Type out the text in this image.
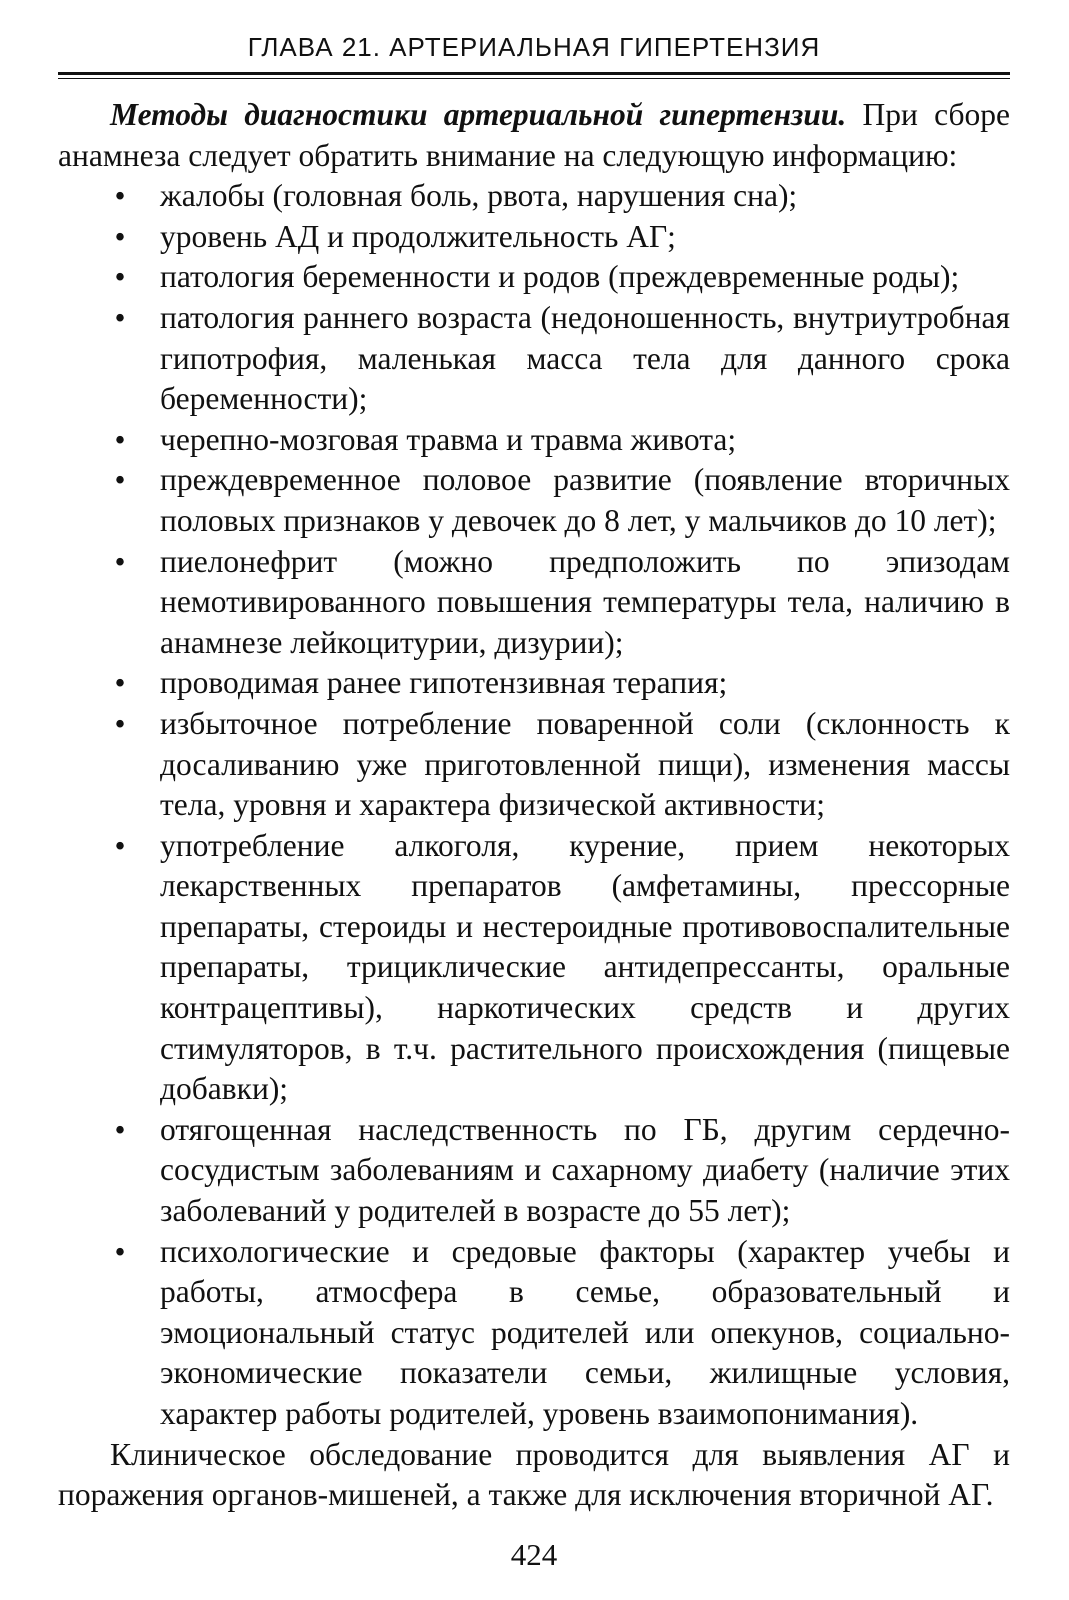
ГЛАВА 21. АРТЕРИАЛЬНАЯ ГИПЕРТЕНЗИЯ

Методы диагностики артериальной гипертензии. При сборе анамнеза следует обратить внимание на следующую информацию:

• жалобы (головная боль, рвота, нарушения сна);
• уровень АД и продолжительность АГ;
• патология беременности и родов (преждевременные роды);
• патология раннего возраста (недоношенность, внутриутробная гипотрофия, маленькая масса тела для данного срока беременности);
• черепно-мозговая травма и травма живота;
• преждевременное половое развитие (появление вторичных половых признаков у девочек до 8 лет, у мальчиков до 10 лет);
• пиелонефрит (можно предположить по эпизодам немотивированного повышения температуры тела, наличию в анамнезе лейкоцитурии, дизурии);
• проводимая ранее гипотензивная терапия;
• избыточное потребление поваренной соли (склонность к досаливанию уже приготовленной пищи), изменения массы тела, уровня и характера физической активности;
• употребление алкоголя, курение, прием некоторых лекарственных препаратов (амфетамины, прессорные препараты, стероиды и нестероидные противовоспалительные препараты, трициклические антидепрессанты, оральные контрацептивы), наркотических средств и других стимуляторов, в т.ч. растительного происхождения (пищевые добавки);
• отягощенная наследственность по ГБ, другим сердечно-сосудистым заболеваниям и сахарному диабету (наличие этих заболеваний у родителей в возрасте до 55 лет);
• психологические и средовые факторы (характер учебы и работы, атмосфера в семье, образовательный и эмоциональный статус родителей или опекунов, социально-экономические показатели семьи, жилищные условия, характер работы родителей, уровень взаимопонимания).

Клиническое обследование проводится для выявления АГ и поражения органов-мишеней, а также для исключения вторичной АГ.

424
